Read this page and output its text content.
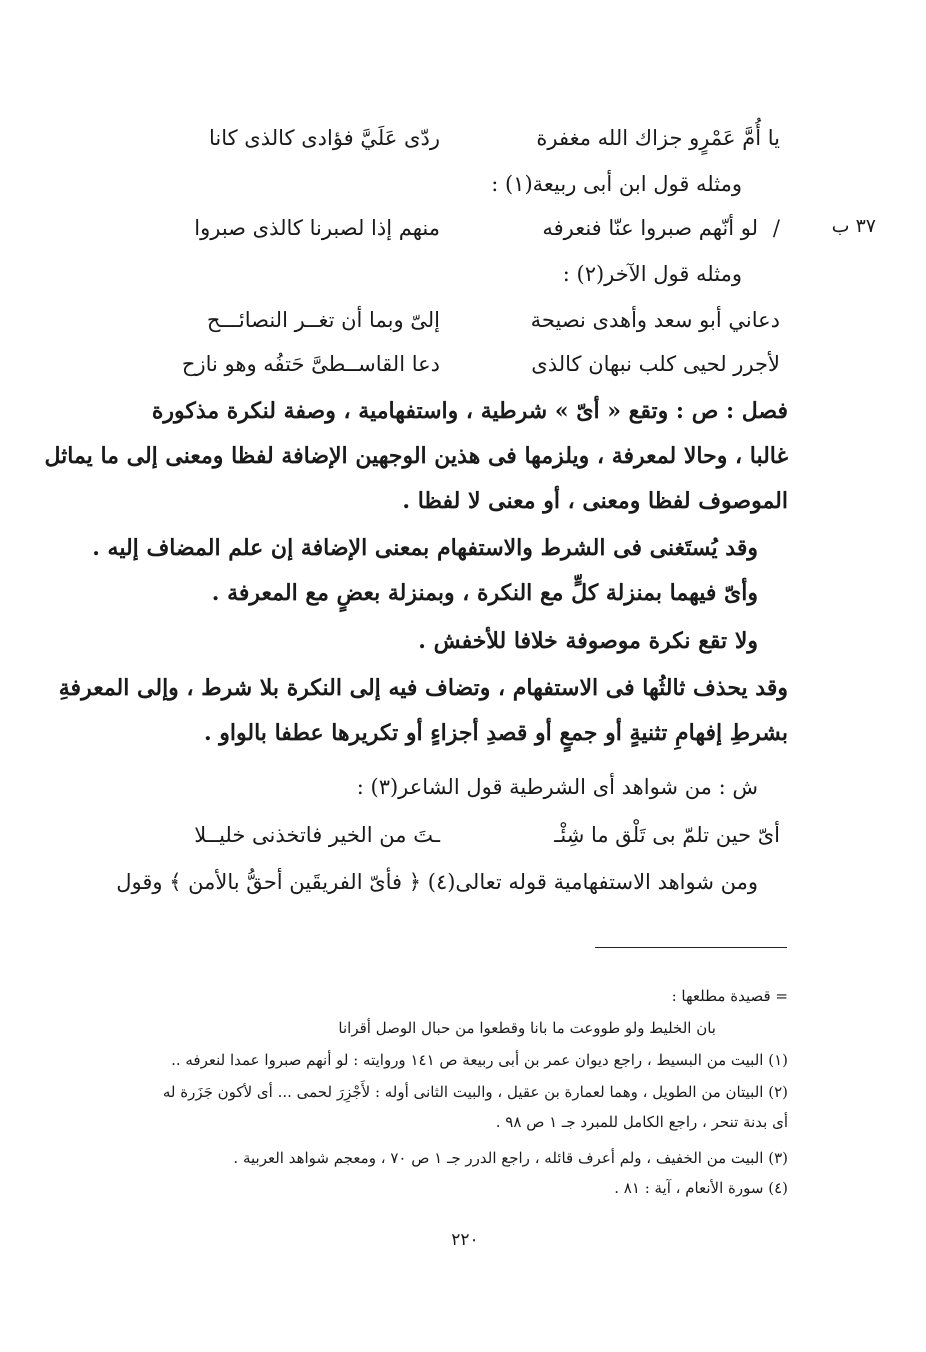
يا أُمَّ عَمْرٍو جزاك الله مغفرة
ردّى عَلَيَّ فؤادى كالذى كانا
ومثله قول ابن أبى ربيعة(١) :
٣٧ ب
/
لو أنّهم صبروا عنّا فنعرفه
منهم إذا لصبرنا كالذى صبروا
ومثله قول الآخر(٢) :
دعاني أبو سعد وأهدى نصيحة
إلىّ وبما أن تغــر النصائـــح
لأجرر لحيى كلب نبهان كالذى
دعا القاســطىَّ حَتفُه وهو نازح
فصل : ص : وتقع « أىّ » شرطية ، واستفهامية ، وصفة لنكرة مذكورة
غالبا ، وحالا لمعرفة ، ويلزمها فى هذين الوجهين الإضافة لفظا ومعنى إلى ما يماثل
الموصوف لفظا ومعنى ، أو معنى لا لفظا .
وقد يُستَغنى فى الشرط والاستفهام بمعنى الإضافة إن علم المضاف إليه .
وأىّ فيهما بمنزلة كلٍّ مع النكرة ، وبمنزلة بعضٍ مع المعرفة .
ولا تقع نكرة موصوفة خلافا للأخفش .
وقد يحذف ثالثُها فى الاستفهام ، وتضاف فيه إلى النكرة بلا شرط ، وإلى المعرفةِ
بشرطِ إفهامِ تثنيةٍ أو جمعٍ أو قصدِ أجزاءٍ أو تكريرها عطفا بالواو .
ش : من شواهد أى الشرطية قول الشاعر(٣) :
أىّ حين تلمّ بى تَلْق ما شِئْـ
ـتَ من الخير فاتخذنى خليــلا
ومن شواهد الاستفهامية قوله تعالى(٤) ﴿ فأىّ الفريقَين أحقُّ بالأمن ﴾ وقول
= قصيدة مطلعها :
بان الخليط ولو طووعت ما بانا وقطعوا من حبال الوصل أقرانا
(١) البيت من البسيط ، راجع ديوان عمر بن أبى ربيعة ص ١٤١ وروايته : لو أنهم صبروا عمدا لنعرفه ..
(٢) البيتان من الطويل ، وهما لعمارة بن عقيل ، والبيت الثانى أوله : لأَجْزِرَ لحمى ... أى لأكون جَزَرة له
أى بدنة تنحر ، راجع الكامل للمبرد جـ ١ ص ٩٨ .
(٣) البيت من الخفيف ، ولم أعرف قائله ، راجع الدرر جـ ١ ص ٧٠ ، ومعجم شواهد العربية .
(٤) سورة الأنعام ، آية : ٨١ .
٢٢٠
